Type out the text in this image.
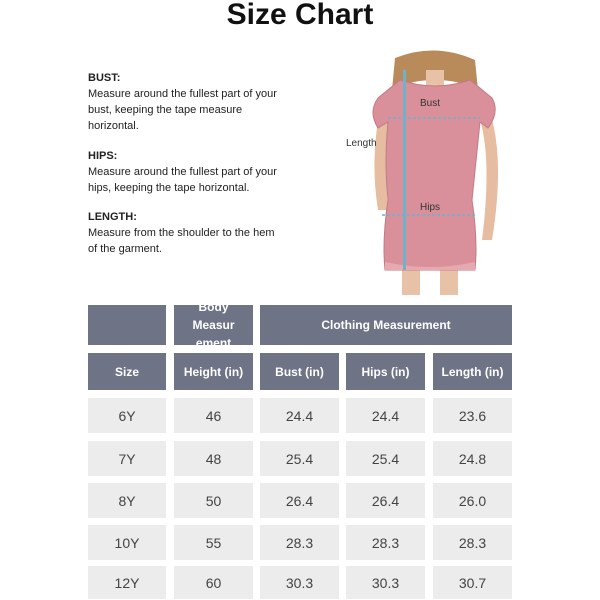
Size Chart
BUST:
Measure around the fullest part of your
bust, keeping the tape measure
horizontal.
HIPS:
Measure around the fullest part of your
hips, keeping the tape horizontal.
LENGTH:
Measure from the shoulder to the hem
of the garment.
Bust
Hips
Length
Body Measur ement
Clothing Measurement
Size	Height (in)	Bust (in)	Hips (in)	Length (in)
6Y	46	24.4	24.4	23.6
7Y	48	25.4	25.4	24.8
8Y	50	26.4	26.4	26.0
10Y	55	28.3	28.3	28.3
12Y	60	30.3	30.3	30.7
